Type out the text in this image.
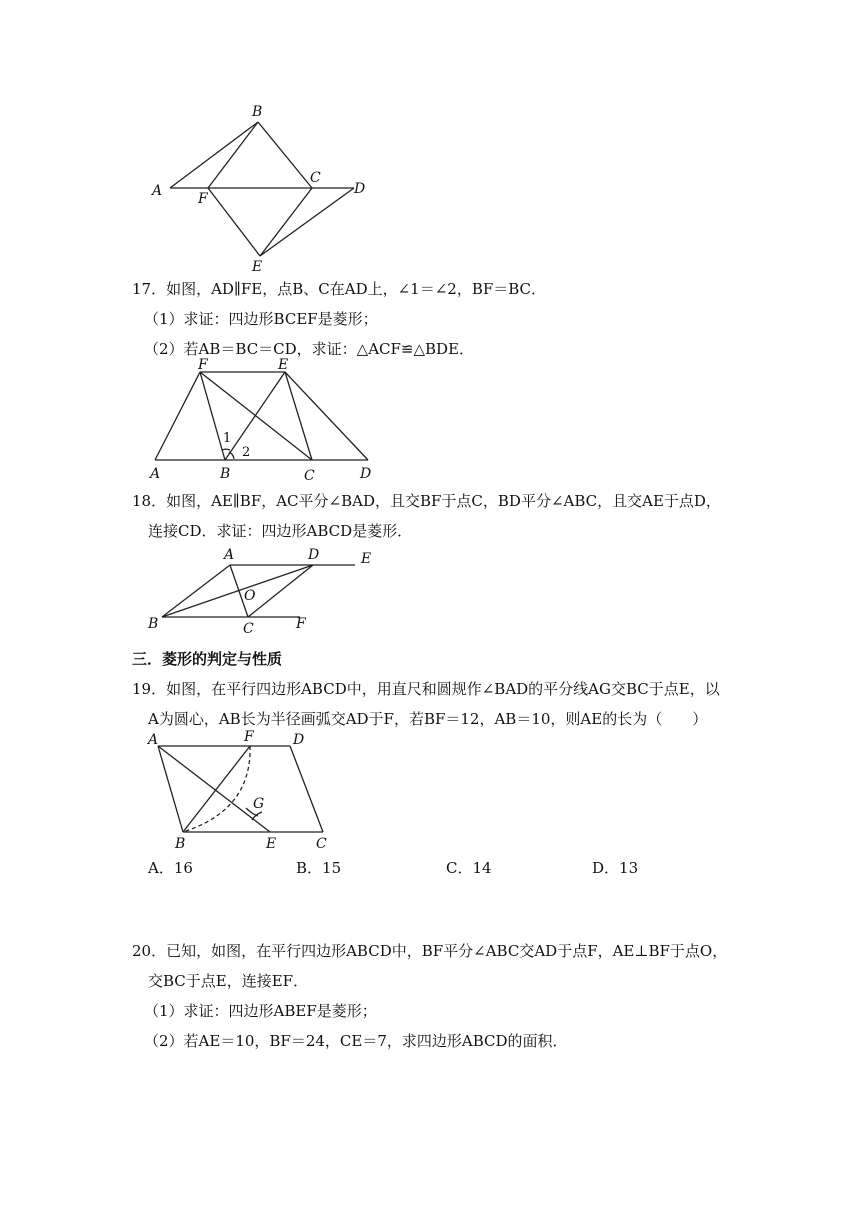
A
B
C
D
F
E
17．如图，AD∥FE，点B、C在AD上，∠1＝∠2，BF＝BC．
（1）求证：四边形BCEF是菱形；
（2）若AB＝BC＝CD，求证：△ACF≌△BDE．
F	E
A	B	C	D
1
2
18．如图，AE∥BF，AC平分∠BAD，且交BF于点C，BD平分∠ABC，且交AE于点D，
连接CD．求证：四边形ABCD是菱形．
A	D	E
O
B	C	F
三．菱形的判定与性质
19．如图，在平行四边形ABCD中，用直尺和圆规作∠BAD的平分线AG交BC于点E，以
A为圆心，AB长为半径画弧交AD于F，若BF＝12，AB＝10，则AE的长为（　　）
A	F	D
G
B	E	C
A．16	B．15	C．14	D．13
20．已知，如图，在平行四边形ABCD中，BF平分∠ABC交AD于点F，AE⊥BF于点O，
交BC于点E，连接EF．
（1）求证：四边形ABEF是菱形；
（2）若AE＝10，BF＝24，CE＝7，求四边形ABCD的面积．
